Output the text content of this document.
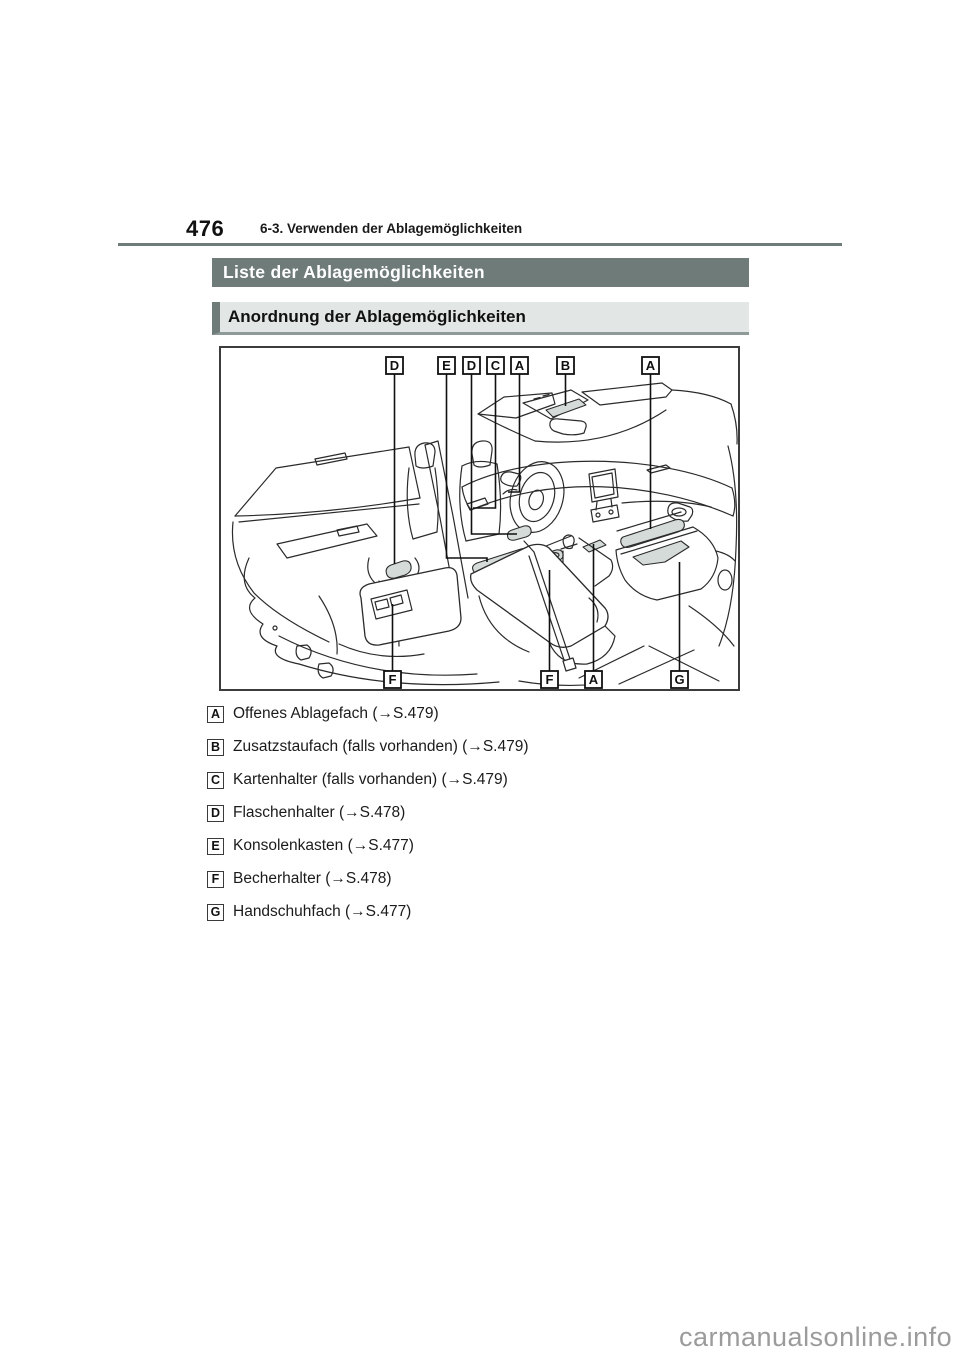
476	6-3. Verwenden der Ablagemöglichkeiten
Liste der Ablagemöglichkeiten
Anordnung der Ablagemöglichkeiten
D	E D C A	B	A
F	F	A	G
A Offenes Ablagefach (→S.479)
B Zusatzstaufach (falls vorhanden) (→S.479)
C Kartenhalter (falls vorhanden) (→S.479)
D Flaschenhalter (→S.478)
E Konsolenkasten (→S.477)
F Becherhalter (→S.478)
G Handschuhfach (→S.477)
carmanualsonline.info
